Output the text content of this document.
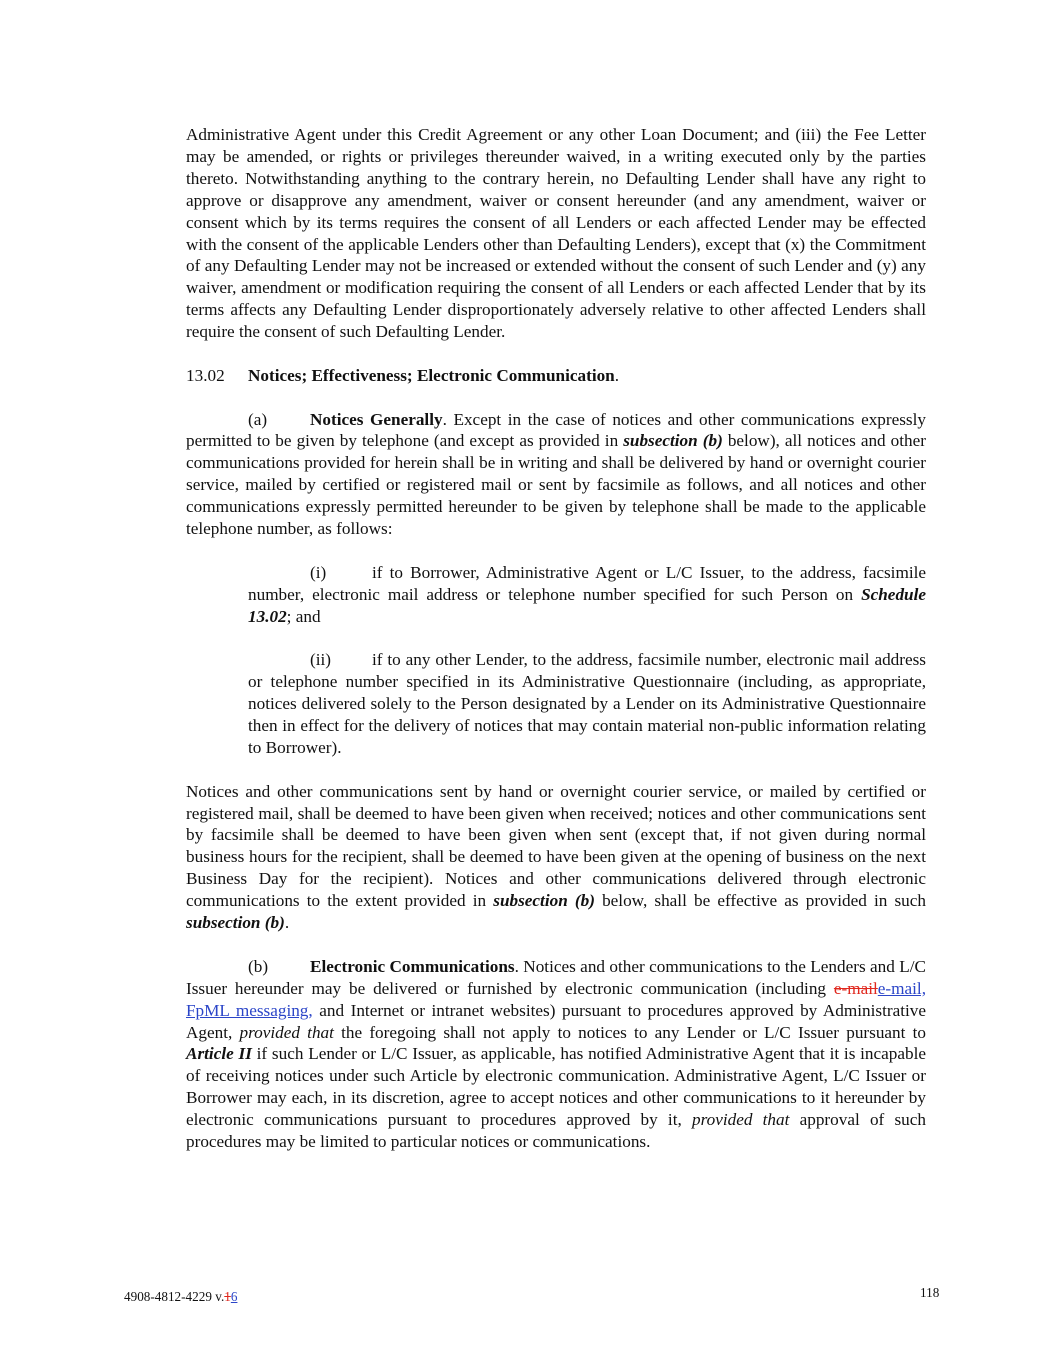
Administrative Agent under this Credit Agreement or any other Loan Document; and (iii) the Fee Letter may be amended, or rights or privileges thereunder waived, in a writing executed only by the parties thereto. Notwithstanding anything to the contrary herein, no Defaulting Lender shall have any right to approve or disapprove any amendment, waiver or consent hereunder (and any amendment, waiver or consent which by its terms requires the consent of all Lenders or each affected Lender may be effected with the consent of the applicable Lenders other than Defaulting Lenders), except that (x) the Commitment of any Defaulting Lender may not be increased or extended without the consent of such Lender and (y) any waiver, amendment or modification requiring the consent of all Lenders or each affected Lender that by its terms affects any Defaulting Lender disproportionately adversely relative to other affected Lenders shall require the consent of such Defaulting Lender.

13.02 Notices; Effectiveness; Electronic Communication.

(a) Notices Generally. Except in the case of notices and other communications expressly permitted to be given by telephone (and except as provided in subsection (b) below), all notices and other communications provided for herein shall be in writing and shall be delivered by hand or overnight courier service, mailed by certified or registered mail or sent by facsimile as follows, and all notices and other communications expressly permitted hereunder to be given by telephone shall be made to the applicable telephone number, as follows:

(i)	if to Borrower, Administrative Agent or L/C Issuer, to the address, facsimile number, electronic mail address or telephone number specified for such Person on Schedule 13.02; and

(ii) if to any other Lender, to the address, facsimile number, electronic mail address or telephone number specified in its Administrative Questionnaire (including, as appropriate, notices delivered solely to the Person designated by a Lender on its Administrative Questionnaire then in effect for the delivery of notices that may contain material non-public information relating to Borrower).

Notices and other communications sent by hand or overnight courier service, or mailed by certified or registered mail, shall be deemed to have been given when received; notices and other communications sent by facsimile shall be deemed to have been given when sent (except that, if not given during normal business hours for the recipient, shall be deemed to have been given at the opening of business on the next Business Day for the recipient). Notices and other communications delivered through electronic communications to the extent provided in subsection (b) below, shall be effective as provided in such subsection (b).

(b) Electronic Communications. Notices and other communications to the Lenders and L/C Issuer hereunder may be delivered or furnished by electronic communication (including e-maile-mail, FpML messaging, and Internet or intranet websites) pursuant to procedures approved by Administrative Agent, provided that the foregoing shall not apply to notices to any Lender or L/C Issuer pursuant to Article II if such Lender or L/C Issuer, as applicable, has notified Administrative Agent that it is incapable of receiving notices under such Article by electronic communication. Administrative Agent, L/C Issuer or Borrower may each, in its discretion, agree to accept notices and other communications to it hereunder by electronic communications pursuant to procedures approved by it, provided that approval of such procedures may be limited to particular notices or communications.

4908-4812-4229 v.16	118
